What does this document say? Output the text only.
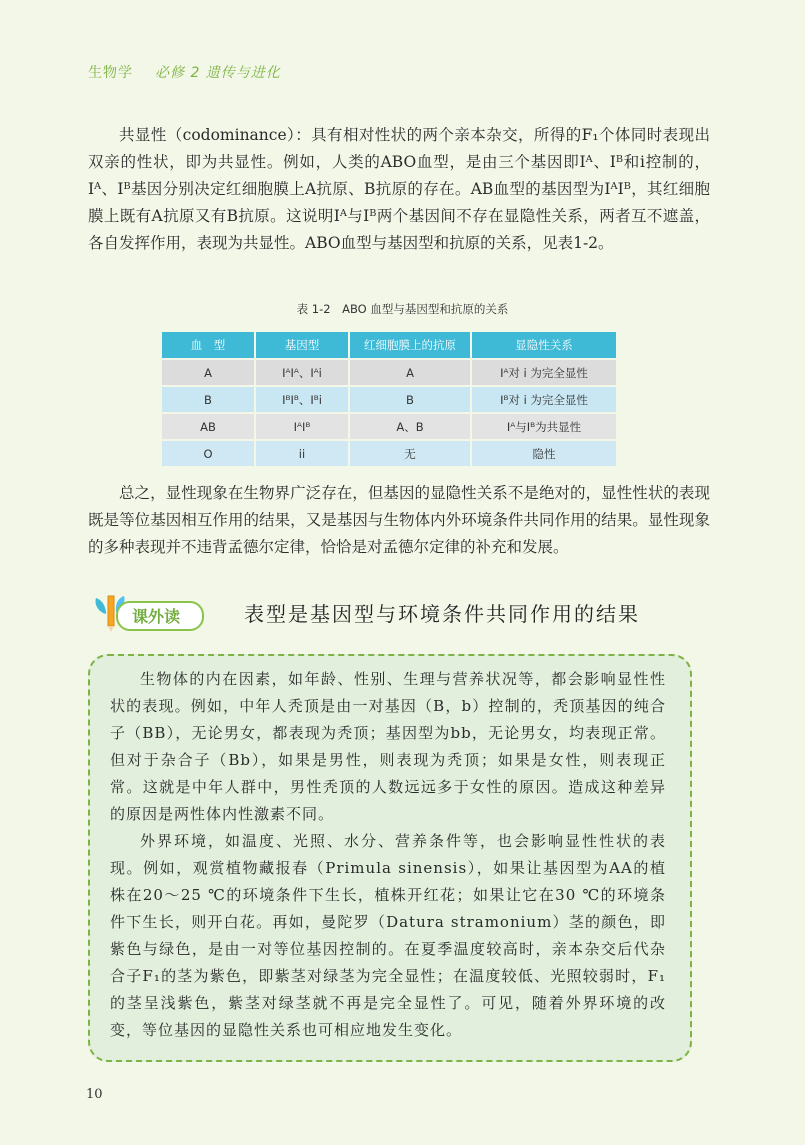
生物学 必修 2 遗传与进化

共显性（codominance）：具有相对性状的两个亲本杂交，所得的F₁个体同时表现出双亲的性状，即为共显性。例如，人类的ABO血型，是由三个基因即Iᴬ、Iᴮ和i控制的，Iᴬ、Iᴮ基因分别决定红细胞膜上A抗原、B抗原的存在。AB血型的基因型为IᴬIᴮ，其红细胞膜上既有A抗原又有B抗原。这说明Iᴬ与Iᴮ两个基因间不存在显隐性关系，两者互不遮盖，各自发挥作用，表现为共显性。ABO血型与基因型和抗原的关系，见表1-2。

表 1-2　ABO 血型与基因型和抗原的关系
血　型	基因型	红细胞膜上的抗原	显隐性关系
A	IᴬIᴬ、Iᴬi	A	Iᴬ对 i 为完全显性
B	IᴮIᴮ、Iᴮi	B	Iᴮ对 i 为完全显性
AB	IᴬIᴮ	A、B	Iᴬ与Iᴮ为共显性
O	ii	无	隐性

总之，显性现象在生物界广泛存在，但基因的显隐性关系不是绝对的，显性性状的表现既是等位基因相互作用的结果，又是基因与生物体内外环境条件共同作用的结果。显性现象的多种表现并不违背孟德尔定律，恰恰是对孟德尔定律的补充和发展。

课外读	表型是基因型与环境条件共同作用的结果

生物体的内在因素，如年龄、性别、生理与营养状况等，都会影响显性性状的表现。例如，中年人秃顶是由一对基因（B，b）控制的，秃顶基因的纯合子（BB），无论男女，都表现为秃顶；基因型为bb，无论男女，均表现正常。但对于杂合子（Bb），如果是男性，则表现为秃顶；如果是女性，则表现正常。这就是中年人群中，男性秃顶的人数远远多于女性的原因。造成这种差异的原因是两性体内性激素不同。

外界环境，如温度、光照、水分、营养条件等，也会影响显性性状的表现。例如，观赏植物藏报春（Primula sinensis），如果让基因型为AA的植株在20～25 ℃的环境条件下生长，植株开红花；如果让它在30 ℃的环境条件下生长，则开白花。再如，曼陀罗（Datura stramonium）茎的颜色，即紫色与绿色，是由一对等位基因控制的。在夏季温度较高时，亲本杂交后代杂合子F₁的茎为紫色，即紫茎对绿茎为完全显性；在温度较低、光照较弱时，F₁的茎呈浅紫色，紫茎对绿茎就不再是完全显性了。可见，随着外界环境的改变，等位基因的显隐性关系也可相应地发生变化。

10
